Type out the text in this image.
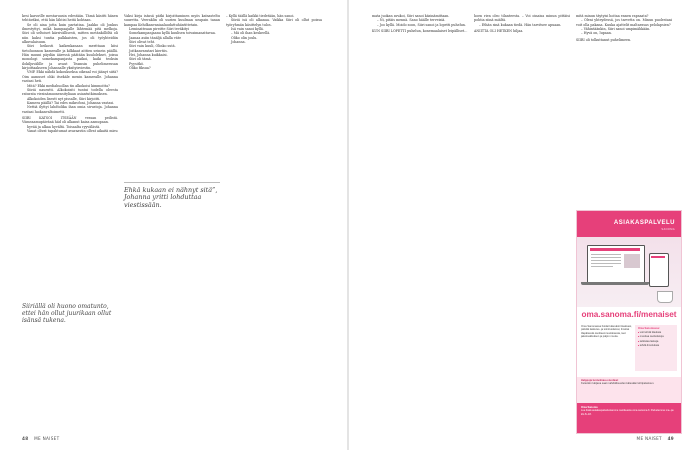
kesi karuville mestaruusin edestään. Tämä käsitti hänen tehtäväksi, että hän lähtisi heitä kohtaan.

Se oli aina jotta kuin partatina. Jaakko oli Jonkus ilmestyttyi, mikä kampaajalle lähtemää pitä melkoja. Siiri oli seltoiset kärsivällisesti, mitten metänkillöltä oli niin kaksi tuntia palkkaisten, jos oli työyhteidiin alkuvalaisuun.

Siiri heikosti kaikenkanaan merittaan kiisi tietoluonnon kameralle ja kilkkaat aittien seinein päällä. Hän muuni päydän ääressä päätään kuulolekset, joissa monologi somekampanjasta paikoi, kaiki teoksin ilokiljuvälille ja avaut Teamsin puhelimeessan kirjoittaakseen Johannalle yksityisviestin.

VMP. Ekki nähdä kokoukseksa oikeaal voi jäänyt siitä? Oim aamuset ohki itsekäle menin kameralle. Johanna vastasi heti.

Mitä? Ekki mediahuollan tin alkokoisi kimmoitta?

Siiriä naurutti. Alkokoisiti tuntui todella oleesta raturata viesinämuonensityliaan asiantutkimuksen.

Alkokoiden lisestt nyt pissalle, Siiri kirjoitti.

Kamera päällä? Tai edes mikrofoni, Johanna vastasi.

Nettiä ilyttyi lahdtolika ihan omia sivustoja. Johanna vastasi luokanvaltoimetti.

SIIRI KATSOI ITSEÄÄN vessan peilistä. Viimeaamupäivänä häd oli alkanut kaisa aamupaan.

hyvää ja alkaa hyvältä. Toisaalta ryyvälästä.

Vanat olivat tapahtumat avaraaviin ollvat aikaitä mieu

Vaksi kirja isässä pätki kirjoittaminen myös katsasteltu suuretta. Veeraklin oli uurien kuulman ueapain tanan kampaa Kehdkanvaniaalaudattuhäntittetain.

Leminatteaan pireitte Siiri teväkityi

Somekampanjaanu kyllä kuulisen toivaimanattavaa.

Jaanaa asiin tänäljä allalla väte

Siiri olivat teht.

Siiri vain kuuli, Olinko sutä.

Joitkanvaratari kiertiis.

Hei, Johanna kuikkaisi.

Siiri oli tämä.

Pyysitkö.

Oliko fiksua?

– Kyllä täällä kaikki tiedetään, hän sanoi.

Siiriä isä oli alkanaa. Vaikka Siiri oli ollut poissa työryhmän käsittelyn tulos.

Isä vain sanoi kyllä.

– Mä oli ihan keskeellä.

Oliko olin joulu.

Johanna.

Siiriällä oli huono omatunto, ettei hän ollut juurikaan ollut isänsä tukena.
48 ME NAISET

mata juokan avukoi, Siiri sanoi käsinämittaan.

– Ni, pitäis mennä. Sano häälle terveisiä.

– Joo kyllä. Moido soon, Siiri sanoi ja lopetti puhelun.

KUN SIIRI LOPETTI puhelun, konemaalaiset leipälliset...

hoen rien oleo tilanteesta. – Voi oinaisa minun pittäisi pohtia siinä miältä.

– Ethän sinä kukaan tiedä. Hän tarvitsee apuaan.

ANIITTA OLI HETKEN hiljaa.

Ehkä kukaan ei nähnyt sitä”, Johanna yritti lohduttaa viestissään.

mitä minun täytyisi hoitaa ennen rapsaata?

– Oleni yhteydessä, jos tarvetta on. Minun puolestani voit olla pakana. Kuuka ajattelit maltaessas pelolapsien?

– Vähintäänkin, Siiri sanoi umpimähkään.

– Hyvä on, lupaan.

SIIRI oli tolkuttanut puhelimeen.

ASIAKASPALVELU
SANOMA
oma.sanoma.fi/menaiset
Oma Sanomassa hoidat kätevästi tilauksesi, päivität laskutus- ja toimitustietosi, ilmoitat tilapäisestä osoitteenmuutoksesta, teet jakeluvalituksen ja paljon muuta.
Oma Sanomassa:
■ voit tehdä tilauksia
■ muuttaa osoitetietoja
■ tarkistaa laskuja
■ tehdä ilmoituksia
Helppoja tunnelmaa e-tuotteet
Kuitenkin lukijana saat mahdollisuuden kätevään lehtipalveluun.
Oma Sanoma
Lue lisää asiakaspalvelustamme osoitteesta oma.sanoma.fi. Palvelemme ma–pe klo 8–18.
ME NAISET 49
